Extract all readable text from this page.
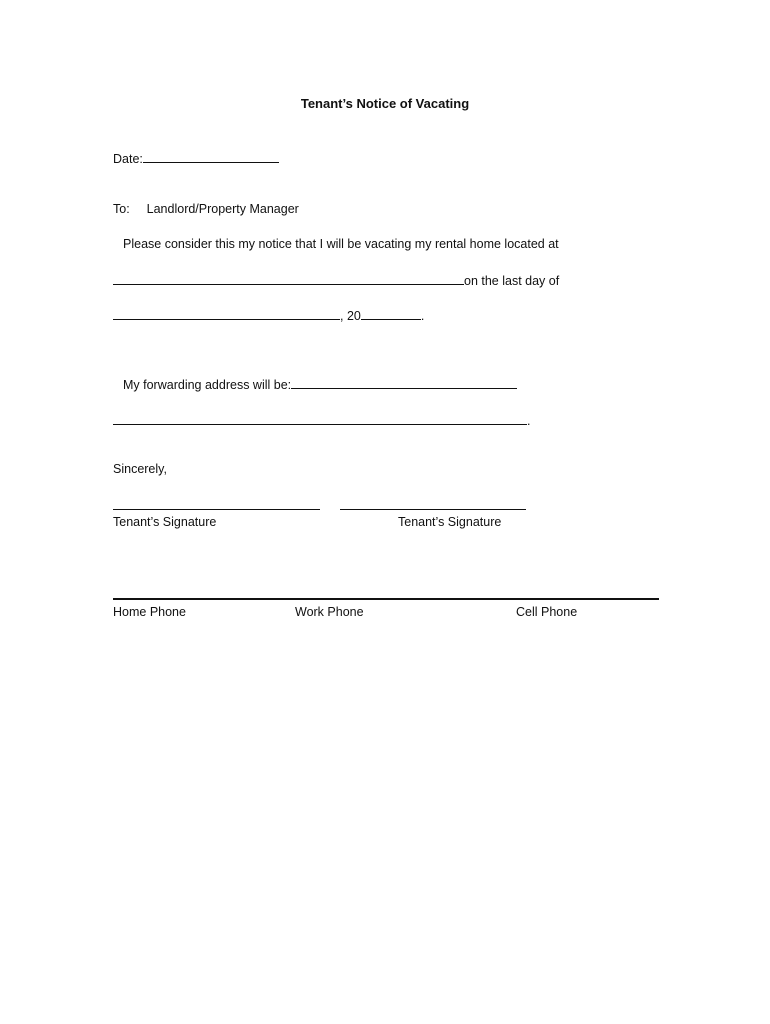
Tenant’s Notice of Vacating
Date:
To: Landlord/Property Manager
Please consider this my notice that I will be vacating my rental home located at
on the last day of
, 20	.
My forwarding address will be:
.
Sincerely,
Tenant’s Signature	Tenant’s Signature
Home Phone	Work Phone	Cell Phone
